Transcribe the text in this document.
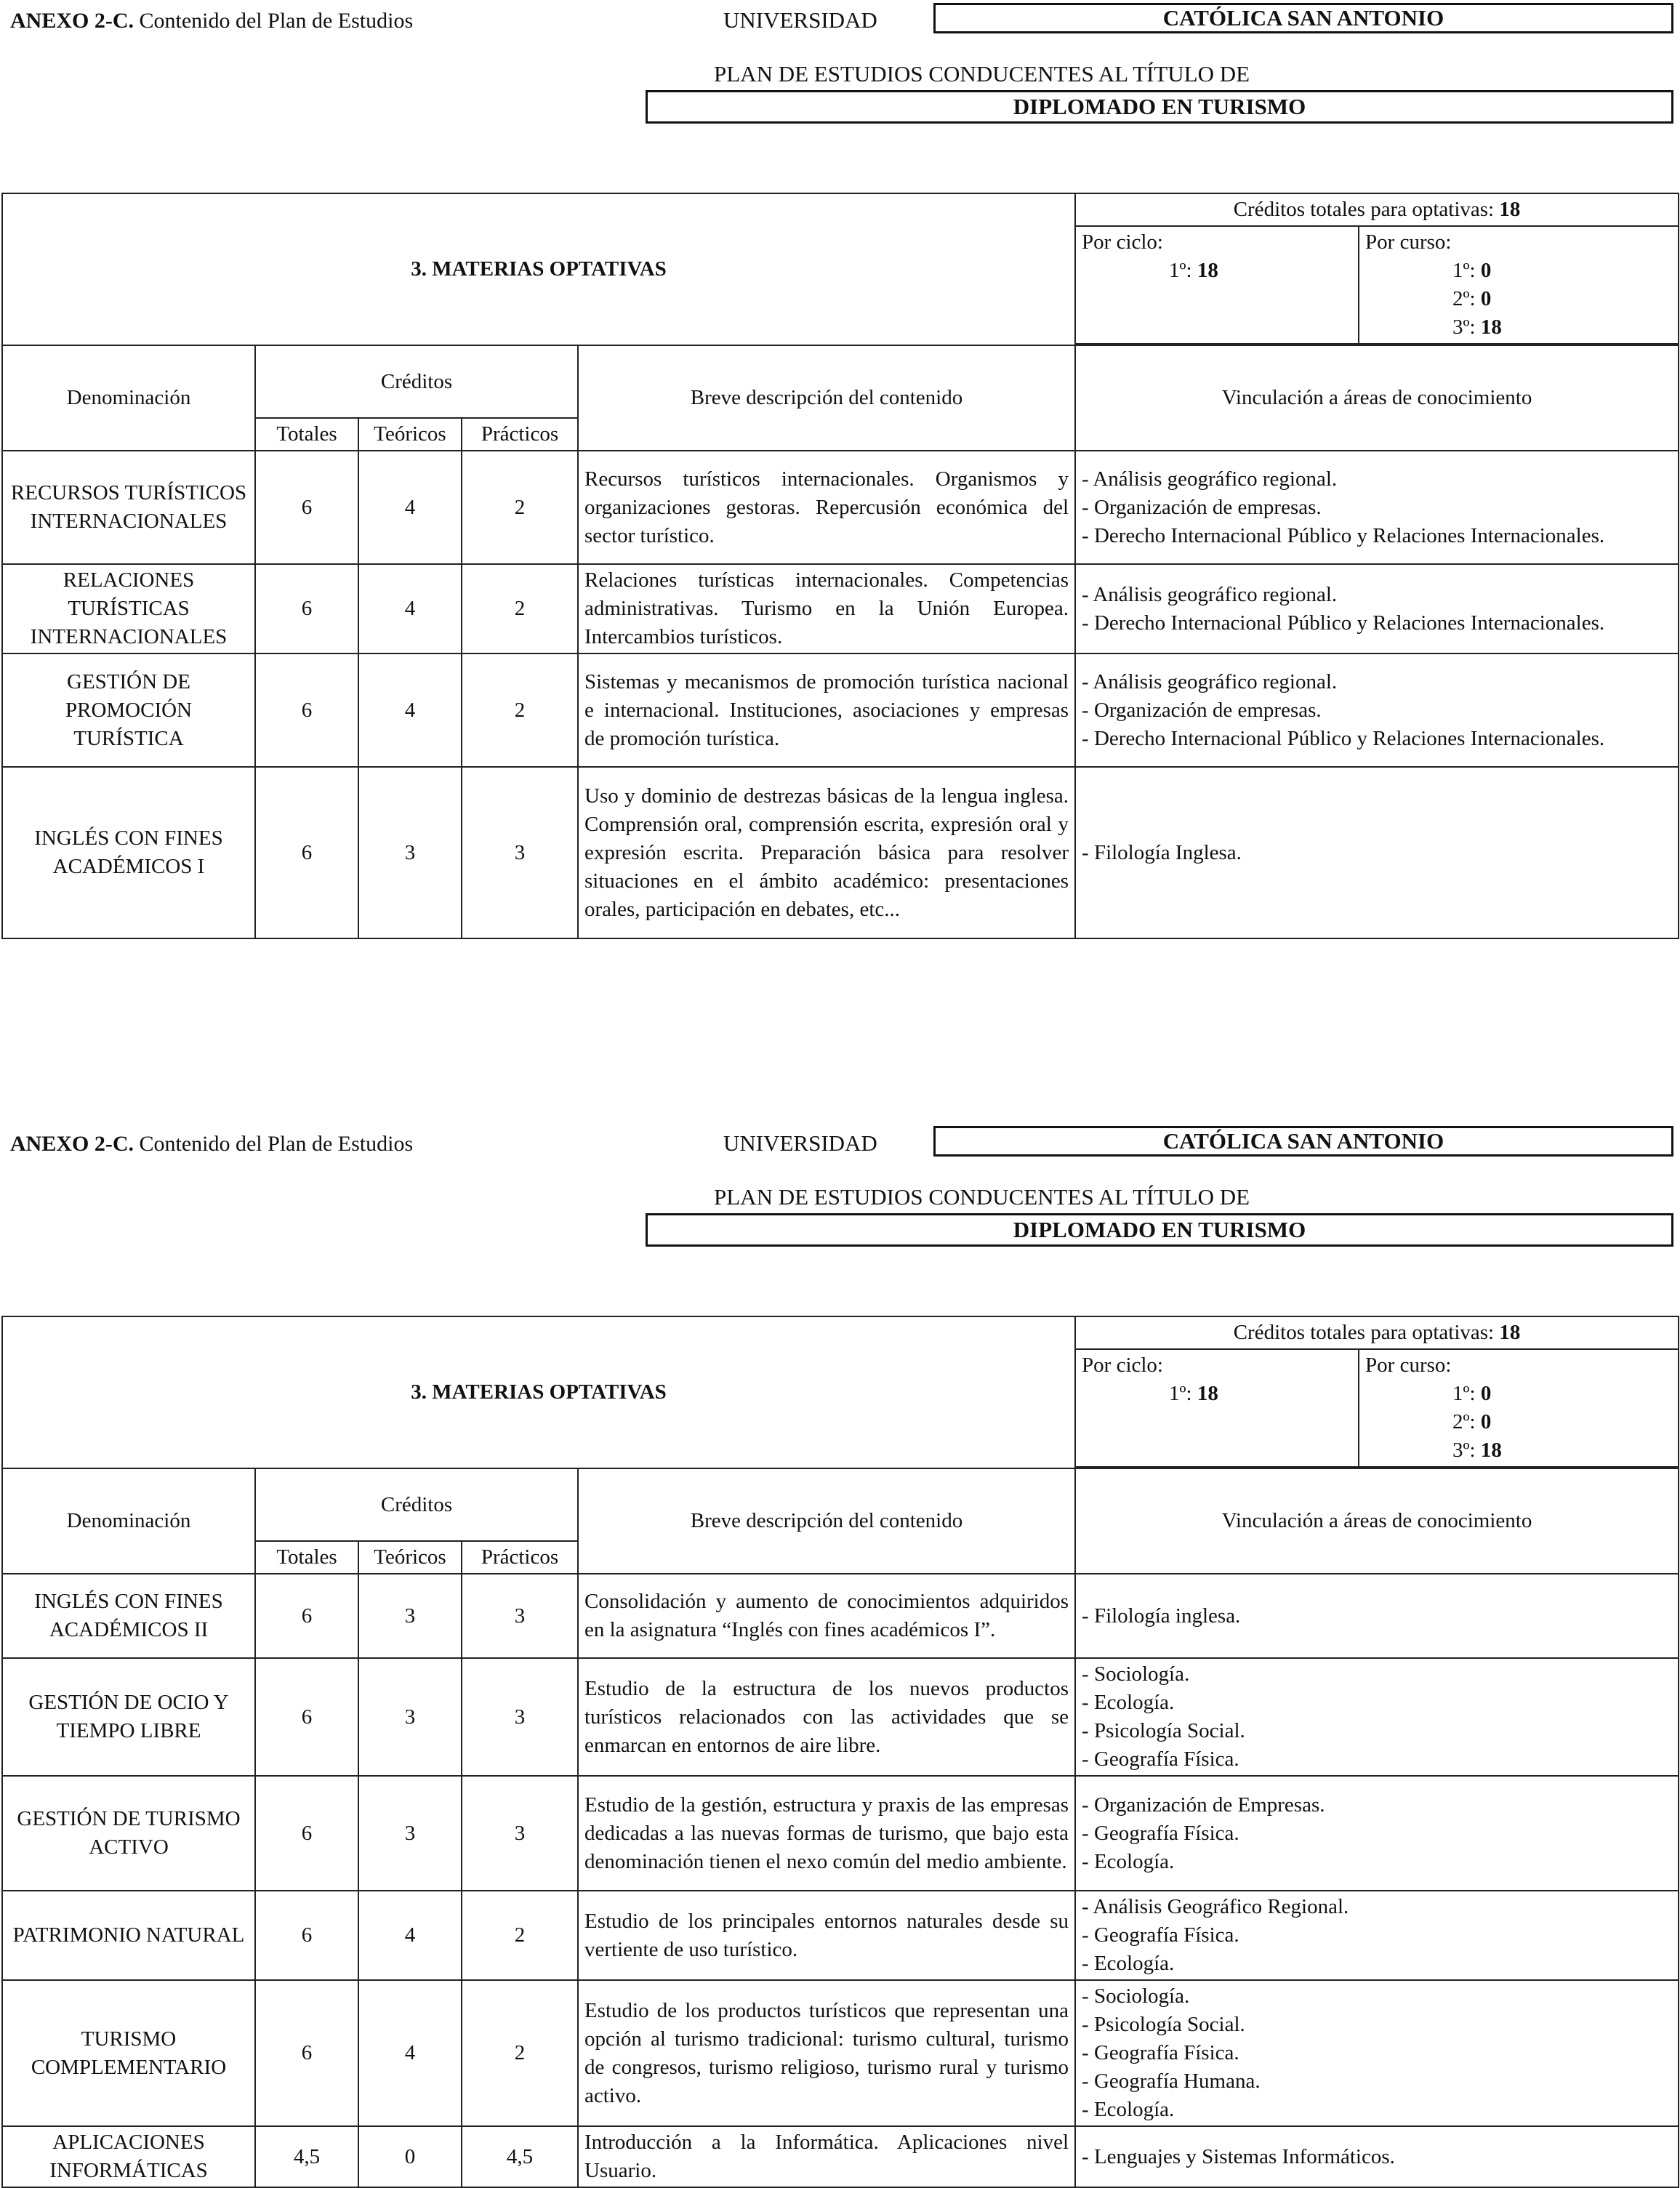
ANEXO 2-C. Contenido del Plan de Estudios	UNIVERSIDAD	CATÓLICA SAN ANTONIO
PLAN DE ESTUDIOS CONDUCENTES AL TÍTULO DE
DIPLOMADO EN TURISMO
3. MATERIAS OPTATIVAS					Créditos totales para optativas: 18	

					Por ciclo:
1º: 18	Por curso:
1º: 0
2º: 0
3º: 18

Denominación	Créditos			Breve descripción del contenido	Vinculación a áreas de conocimiento	
	Totales	Teóricos	Prácticos			
RECURSOS TURÍSTICOS INTERNACIONALES	6	4	2	Recursos turísticos internacionales. Organismos y organizaciones gestoras. Repercusión económica del sector turístico.	- Análisis geográfico regional.
- Organización de empresas.
- Derecho Internacional Público y Relaciones Internacionales.	

RELACIONES TURÍSTICAS INTERNACIONALES	6	4	2	Relaciones turísticas internacionales. Competencias administrativas. Turismo en la Unión Europea. Intercambios turísticos.	- Análisis geográfico regional.
- Derecho Internacional Público y Relaciones Internacionales.	

GESTIÓN DE PROMOCIÓN TURÍSTICA	6	4	2	Sistemas y mecanismos de promoción turística nacional e internacional. Instituciones, asociaciones y empresas de promoción turística.	- Análisis geográfico regional.
- Organización de empresas.
- Derecho Internacional Público y Relaciones Internacionales.	

INGLÉS CON FINES ACADÉMICOS I	6	3	3	Uso y dominio de destrezas básicas de la lengua inglesa. Comprensión oral, comprensión escrita, expresión oral y expresión escrita. Preparación básica para resolver situaciones en el ámbito académico: presentaciones orales, participación en debates, etc...	- Filología Inglesa.	
ANEXO 2-C. Contenido del Plan de Estudios	UNIVERSIDAD	CATÓLICA SAN ANTONIO
PLAN DE ESTUDIOS CONDUCENTES AL TÍTULO DE
DIPLOMADO EN TURISMO
3. MATERIAS OPTATIVAS					Créditos totales para optativas: 18	

					Por ciclo:
1º: 18	Por curso:
1º: 0
2º: 0
3º: 18

Denominación	Créditos			Breve descripción del contenido	Vinculación a áreas de conocimiento	
	Totales	Teóricos	Prácticos			
INGLÉS CON FINES ACADÉMICOS II	6	3	3	Consolidación y aumento de conocimientos adquiridos en la asignatura “Inglés con fines académicos I”.	- Filología inglesa.	

GESTIÓN DE OCIO Y TIEMPO LIBRE	6	3	3	Estudio de la estructura de los nuevos productos turísticos relacionados con las actividades que se enmarcan en entornos de aire libre.	- Sociología.
- Ecología.
- Psicología Social.
- Geografía Física.	

GESTIÓN DE TURISMO ACTIVO	6	3	3	Estudio de la gestión, estructura y praxis de las empresas dedicadas a las nuevas formas de turismo, que bajo esta denominación tienen el nexo común del medio ambiente.	- Organización de Empresas.
- Geografía Física.
- Ecología.	

PATRIMONIO NATURAL	6	4	2	Estudio de los principales entornos naturales desde su vertiente de uso turístico.	- Análisis Geográfico Regional.
- Geografía Física.
- Ecología.	

TURISMO COMPLEMENTARIO	6	4	2	Estudio de los productos turísticos que representan una opción al turismo tradicional: turismo cultural, turismo de congresos, turismo religioso, turismo rural y turismo activo.	- Sociología.
- Psicología Social.
- Geografía Física.
- Geografía Humana.
- Ecología.	

APLICACIONES INFORMÁTICAS	4,5	0	4,5	Introducción a la Informática. Aplicaciones nivel Usuario.	- Lenguajes y Sistemas Informáticos.	
